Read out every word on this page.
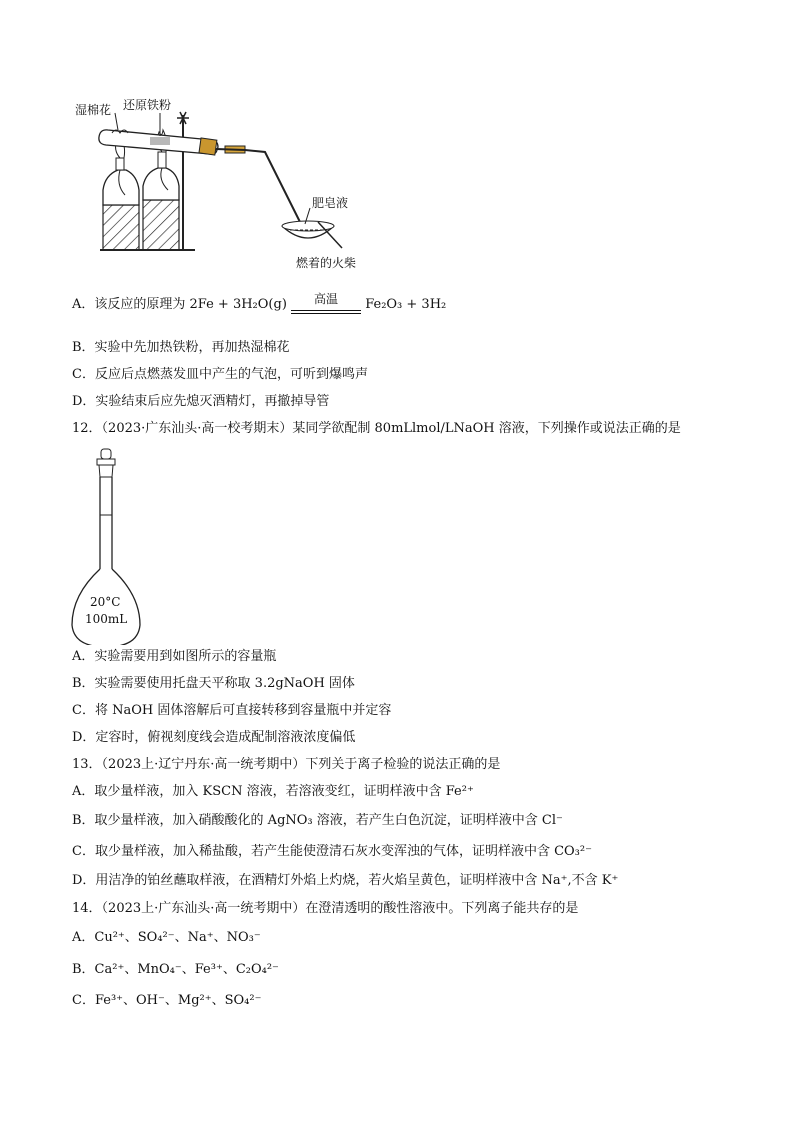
湿棉花 还原铁粉
肥皂液
燃着的火柴
A．该反应的原理为 2Fe + 3H₂O(g)	高温	Fe₂O₃ + 3H₂
B．实验中先加热铁粉，再加热湿棉花
C．反应后点燃蒸发皿中产生的气泡，可听到爆鸣声
D．实验结束后应先熄灭酒精灯，再撤掉导管
12．（2023·广东汕头·高一校考期末）某同学欲配制 80mLlmol/LNaOH 溶液，下列操作或说法正确的是
20°C
100mL
A．实验需要用到如图所示的容量瓶
B．实验需要使用托盘天平称取 3.2gNaOH 固体
C．将 NaOH 固体溶解后可直接转移到容量瓶中并定容
D．定容时，俯视刻度线会造成配制溶液浓度偏低
13．（2023上·辽宁丹东·高一统考期中）下列关于离子检验的说法正确的是
A．取少量样液，加入 KSCN 溶液，若溶液变红，证明样液中含 Fe²⁺
B．取少量样液，加入硝酸酸化的 AgNO₃ 溶液，若产生白色沉淀，证明样液中含 Cl⁻
C．取少量样液，加入稀盐酸，若产生能使澄清石灰水变浑浊的气体，证明样液中含 CO₃²⁻
D．用洁净的铂丝蘸取样液，在酒精灯外焰上灼烧，若火焰呈黄色，证明样液中含 Na⁺,不含 K⁺
14．（2023上·广东汕头·高一统考期中）在澄清透明的酸性溶液中。下列离子能共存的是
A．Cu²⁺、SO₄²⁻、Na⁺、NO₃⁻
B．Ca²⁺、MnO₄⁻、Fe³⁺、C₂O₄²⁻
C．Fe³⁺、OH⁻、Mg²⁺、SO₄²⁻
